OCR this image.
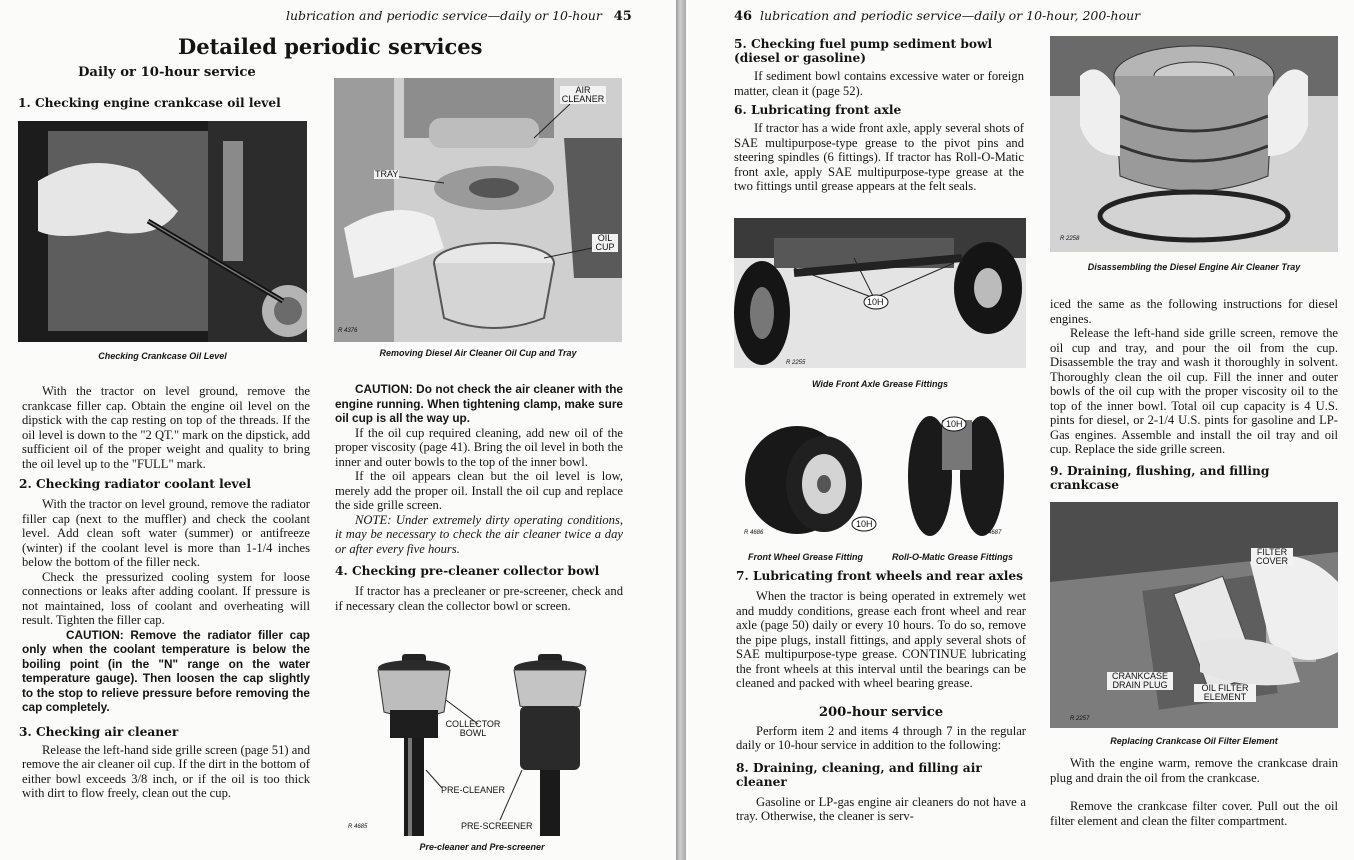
lubrication and periodic service—daily or 10-hour 45
Detailed periodic services
Daily or 10-hour service
1. Checking engine crankcase oil level
Checking Crankcase Oil Level
AIR CLEANER
TRAY
OIL CUP
R 4376
Removing Diesel Air Cleaner Oil Cup and Tray

With the tractor on level ground, remove the crankcase filler cap. Obtain the engine oil level on the dipstick with the cap resting on top of the threads. If the oil level is down to the "2 QT." mark on the dipstick, add sufficient oil of the proper weight and quality to bring the oil level up to the "FULL" mark.

2. Checking radiator coolant level

With the tractor on level ground, remove the radiator filler cap (next to the muffler) and check the coolant level. Add clean soft water (summer) or antifreeze (winter) if the coolant level is more than 1-1/4 inches below the bottom of the filler neck.

Check the pressurized cooling system for loose connections or leaks after adding coolant. If pressure is not maintained, loss of coolant and overheating will result. Tighten the filler cap.

CAUTION: Remove the radiator filler cap only when the coolant temperature is below the boiling point (in the "N" range on the water temperature gauge). Then loosen the cap slightly to the stop to relieve pressure before removing the cap completely.

3. Checking air cleaner

Release the left-hand side grille screen (page 51) and remove the air cleaner oil cup. If the dirt in the bottom of either bowl exceeds 3/8 inch, or if the oil is too thick with dirt to flow freely, clean out the cup.

CAUTION: Do not check the air cleaner with the engine running. When tightening clamp, make sure oil cup is all the way up.

If the oil cup required cleaning, add new oil of the proper viscosity (page 41). Bring the oil level in both the inner and outer bowls to the top of the inner bowl.

If the oil appears clean but the oil level is low, merely add the proper oil. Install the oil cup and replace the side grille screen.

NOTE: Under extremely dirty operating conditions, it may be necessary to check the air cleaner twice a day or after every five hours.

4. Checking pre-cleaner collector bowl

If tractor has a precleaner or pre-screener, check and if necessary clean the collector bowl or screen.

COLLECTOR BOWL
PRE-CLEANER
PRE-SCREENER
R 4685
Pre-cleaner and Pre-screener
46 lubrication and periodic service—daily or 10-hour, 200-hour
5. Checking fuel pump sediment bowl (diesel or gasoline)

If sediment bowl contains excessive water or foreign matter, clean it (page 52).

6. Lubricating front axle

If tractor has a wide front axle, apply several shots of SAE multipurpose-type grease to the pivot pins and steering spindles (6 fittings). If tractor has Roll-O-Matic front axle, apply SAE multipurpose-type grease at the two fittings until grease appears at the felt seals.

10H
R 2255
Wide Front Axle Grease Fittings
10H
R 4686
10H
R 4687
Front Wheel Grease Fitting	Roll-O-Matic Grease Fittings
7. Lubricating front wheels and rear axles

When the tractor is being operated in extremely wet and muddy conditions, grease each front wheel and rear axle (page 50) daily or every 10 hours. To do so, remove the pipe plugs, install fittings, and apply several shots of SAE multipurpose-type grease. CONTINUE lubricating the front wheels at this interval until the bearings can be cleaned and packed with wheel bearing grease.

200-hour service

Perform item 2 and items 4 through 7 in the regular daily or 10-hour service in addition to the following:

8. Draining, cleaning, and filling air cleaner

Gasoline or LP-gas engine air cleaners do not have a tray. Otherwise, the cleaner is serv-

R 2258
Disassembling the Diesel Engine Air Cleaner Tray

iced the same as the following instructions for diesel engines.

Release the left-hand side grille screen, remove the oil cup and tray, and pour the oil from the cup. Disassemble the tray and wash it thoroughly in solvent. Thoroughly clean the oil cup. Fill the inner and outer bowls of the oil cup with the proper viscosity oil to the top of the inner bowl. Total oil cup capacity is 4 U.S. pints for diesel, or 2-1/4 U.S. pints for gasoline and LP-Gas engines. Assemble and install the oil tray and oil cup. Replace the side grille screen.

9. Draining, flushing, and filling crankcase
FILTER COVER
CRANKCASE DRAIN PLUG	OIL FILTER ELEMENT
R 2257
Replacing Crankcase Oil Filter Element

With the engine warm, remove the crankcase drain plug and drain the oil from the crankcase.

Remove the crankcase filter cover. Pull out the oil filter element and clean the filter compartment.
